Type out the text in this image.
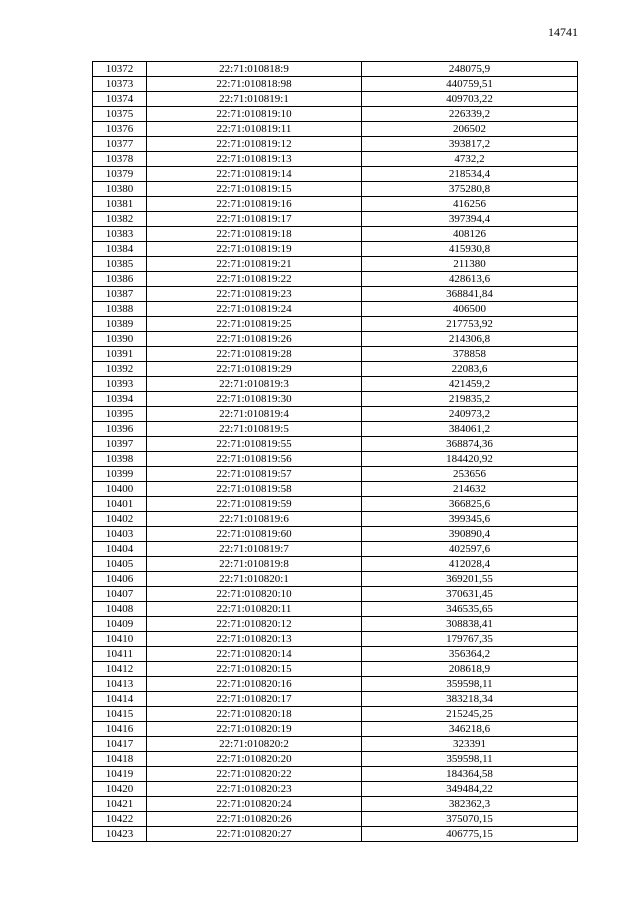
14741
10372	22:71:010818:9	248075,9
10373	22:71:010818:98	440759,51
10374	22:71:010819:1	409703,22
10375	22:71:010819:10	226339,2
10376	22:71:010819:11	206502
10377	22:71:010819:12	393817,2
10378	22:71:010819:13	4732,2
10379	22:71:010819:14	218534,4
10380	22:71:010819:15	375280,8
10381	22:71:010819:16	416256
10382	22:71:010819:17	397394,4
10383	22:71:010819:18	408126
10384	22:71:010819:19	415930,8
10385	22:71:010819:21	211380
10386	22:71:010819:22	428613,6
10387	22:71:010819:23	368841,84
10388	22:71:010819:24	406500
10389	22:71:010819:25	217753,92
10390	22:71:010819:26	214306,8
10391	22:71:010819:28	378858
10392	22:71:010819:29	22083,6
10393	22:71:010819:3	421459,2
10394	22:71:010819:30	219835,2
10395	22:71:010819:4	240973,2
10396	22:71:010819:5	384061,2
10397	22:71:010819:55	368874,36
10398	22:71:010819:56	184420,92
10399	22:71:010819:57	253656
10400	22:71:010819:58	214632
10401	22:71:010819:59	366825,6
10402	22:71:010819:6	399345,6
10403	22:71:010819:60	390890,4
10404	22:71:010819:7	402597,6
10405	22:71:010819:8	412028,4
10406	22:71:010820:1	369201,55
10407	22:71:010820:10	370631,45
10408	22:71:010820:11	346535,65
10409	22:71:010820:12	308838,41
10410	22:71:010820:13	179767,35
10411	22:71:010820:14	356364,2
10412	22:71:010820:15	208618,9
10413	22:71:010820:16	359598,11
10414	22:71:010820:17	383218,34
10415	22:71:010820:18	215245,25
10416	22:71:010820:19	346218,6
10417	22:71:010820:2	323391
10418	22:71:010820:20	359598,11
10419	22:71:010820:22	184364,58
10420	22:71:010820:23	349484,22
10421	22:71:010820:24	382362,3
10422	22:71:010820:26	375070,15
10423	22:71:010820:27	406775,15
